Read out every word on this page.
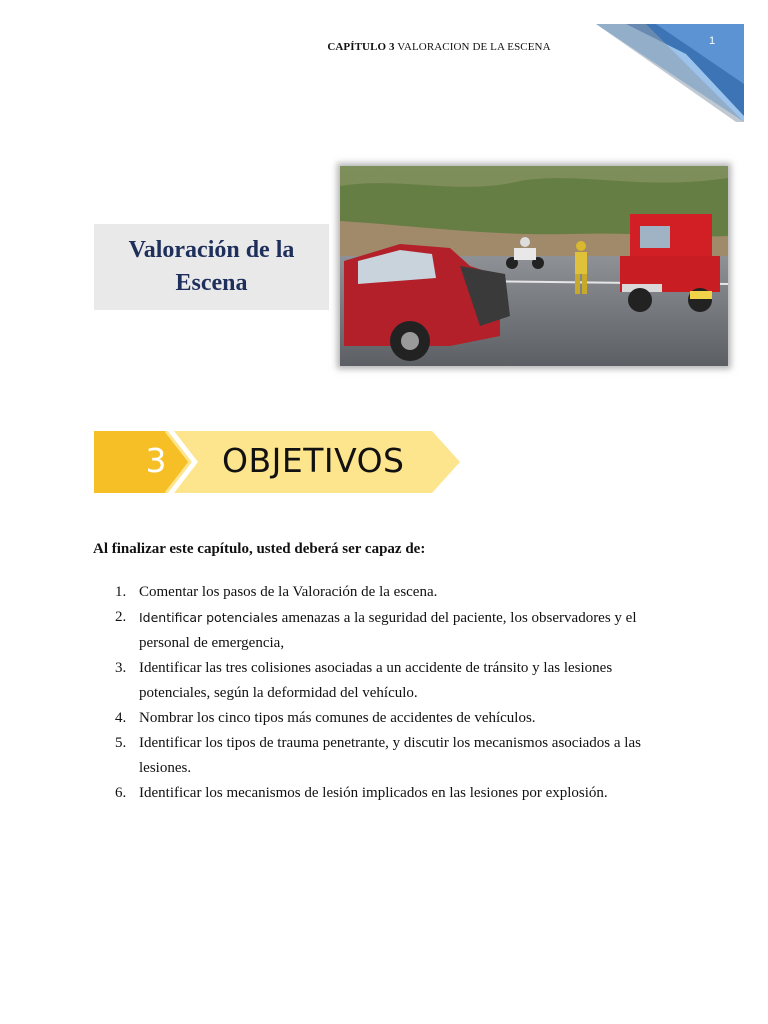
CAPÍTULO 3 VALORACION DE LA ESCENA	1
Valoración de la Escena
3	OBJETIVOS
Al finalizar este capítulo, usted deberá ser capaz de:
1. Comentar los pasos de la Valoración de la escena.
2. Identificar potenciales amenazas a la seguridad del paciente, los observadores y el personal de emergencia,
3. Identificar las tres colisiones asociadas a un accidente de tránsito y las lesiones potenciales, según la deformidad del vehículo.
4. Nombrar los cinco tipos más comunes de accidentes de vehículos.
5. Identificar los tipos de trauma penetrante, y discutir los mecanismos asociados a las lesiones.
6. Identificar los mecanismos de lesión implicados en las lesiones por explosión.
